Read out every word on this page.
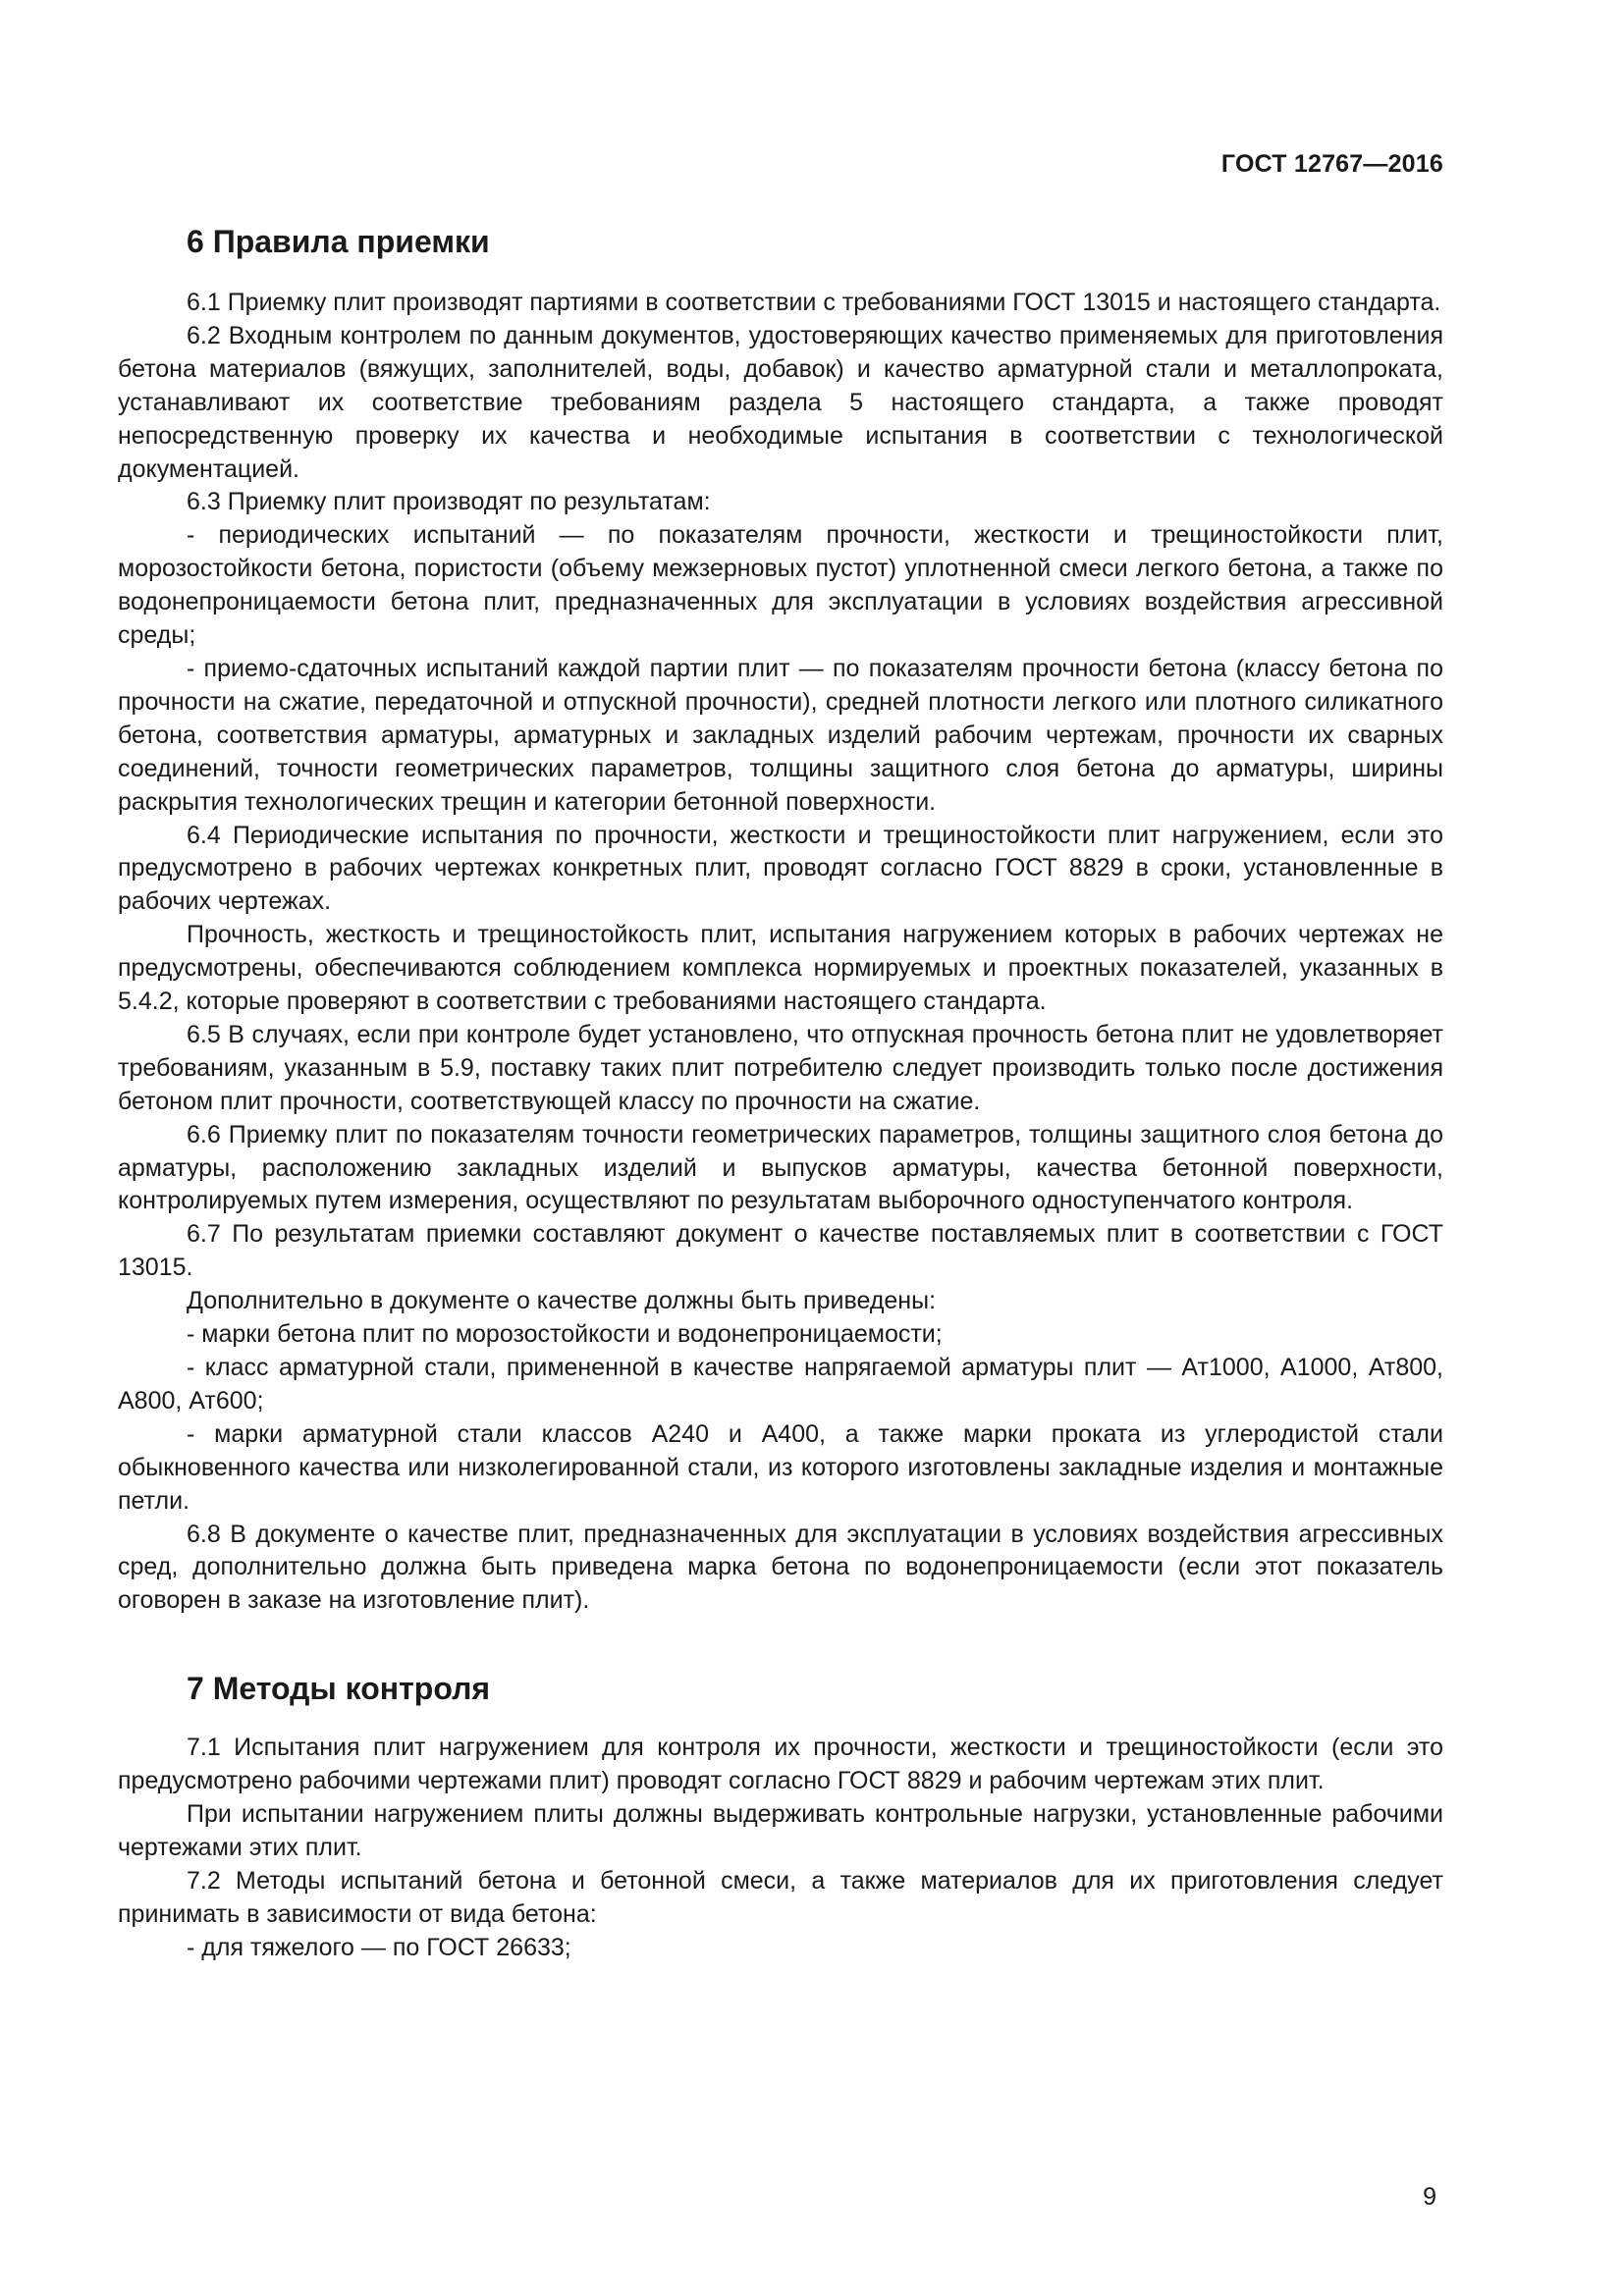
ГОСТ 12767—2016
6 Правила приемки

6.1 Приемку плит производят партиями в соответствии с требованиями ГОСТ 13015 и настоящего стандарта.

6.2 Входным контролем по данным документов, удостоверяющих качество применяемых для приготовления бетона материалов (вяжущих, заполнителей, воды, добавок) и качество арматурной стали и металлопроката, устанавливают их соответствие требованиям раздела 5 настоящего стандарта, а также проводят непосредственную проверку их качества и необходимые испытания в соответствии с технологической документацией.

6.3 Приемку плит производят по результатам:

- периодических испытаний — по показателям прочности, жесткости и трещиностойкости плит, морозостойкости бетона, пористости (объему межзерновых пустот) уплотненной смеси легкого бетона, а также по водонепроницаемости бетона плит, предназначенных для эксплуатации в условиях воздействия агрессивной среды;

- приемо-сдаточных испытаний каждой партии плит — по показателям прочности бетона (классу бетона по прочности на сжатие, передаточной и отпускной прочности), средней плотности легкого или плотного силикатного бетона, соответствия арматуры, арматурных и закладных изделий рабочим чертежам, прочности их сварных соединений, точности геометрических параметров, толщины защитного слоя бетона до арматуры, ширины раскрытия технологических трещин и категории бетонной поверхности.

6.4 Периодические испытания по прочности, жесткости и трещиностойкости плит нагружением, если это предусмотрено в рабочих чертежах конкретных плит, проводят согласно ГОСТ 8829 в сроки, установленные в рабочих чертежах.

Прочность, жесткость и трещиностойкость плит, испытания нагружением которых в рабочих чертежах не предусмотрены, обеспечиваются соблюдением комплекса нормируемых и проектных показателей, указанных в 5.4.2, которые проверяют в соответствии с требованиями настоящего стандарта.

6.5 В случаях, если при контроле будет установлено, что отпускная прочность бетона плит не удовлетворяет требованиям, указанным в 5.9, поставку таких плит потребителю следует производить только после достижения бетоном плит прочности, соответствующей классу по прочности на сжатие.

6.6 Приемку плит по показателям точности геометрических параметров, толщины защитного слоя бетона до арматуры, расположению закладных изделий и выпусков арматуры, качества бетонной поверхности, контролируемых путем измерения, осуществляют по результатам выборочного одноступенчатого контроля.

6.7 По результатам приемки составляют документ о качестве поставляемых плит в соответствии с ГОСТ 13015.

Дополнительно в документе о качестве должны быть приведены:

- марки бетона плит по морозостойкости и водонепроницаемости;

- класс арматурной стали, примененной в качестве напрягаемой арматуры плит — Ат1000, А1000, Ат800, А800, Ат600;

- марки арматурной стали классов А240 и А400, а также марки проката из углеродистой стали обыкновенного качества или низколегированной стали, из которого изготовлены закладные изделия и монтажные петли.

6.8 В документе о качестве плит, предназначенных для эксплуатации в условиях воздействия агрессивных сред, дополнительно должна быть приведена марка бетона по водонепроницаемости (если этот показатель оговорен в заказе на изготовление плит).

7 Методы контроля

7.1 Испытания плит нагружением для контроля их прочности, жесткости и трещиностойкости (если это предусмотрено рабочими чертежами плит) проводят согласно ГОСТ 8829 и рабочим чертежам этих плит.

При испытании нагружением плиты должны выдерживать контрольные нагрузки, установленные рабочими чертежами этих плит.

7.2 Методы испытаний бетона и бетонной смеси, а также материалов для их приготовления следует принимать в зависимости от вида бетона:

- для тяжелого — по ГОСТ 26633;

9
